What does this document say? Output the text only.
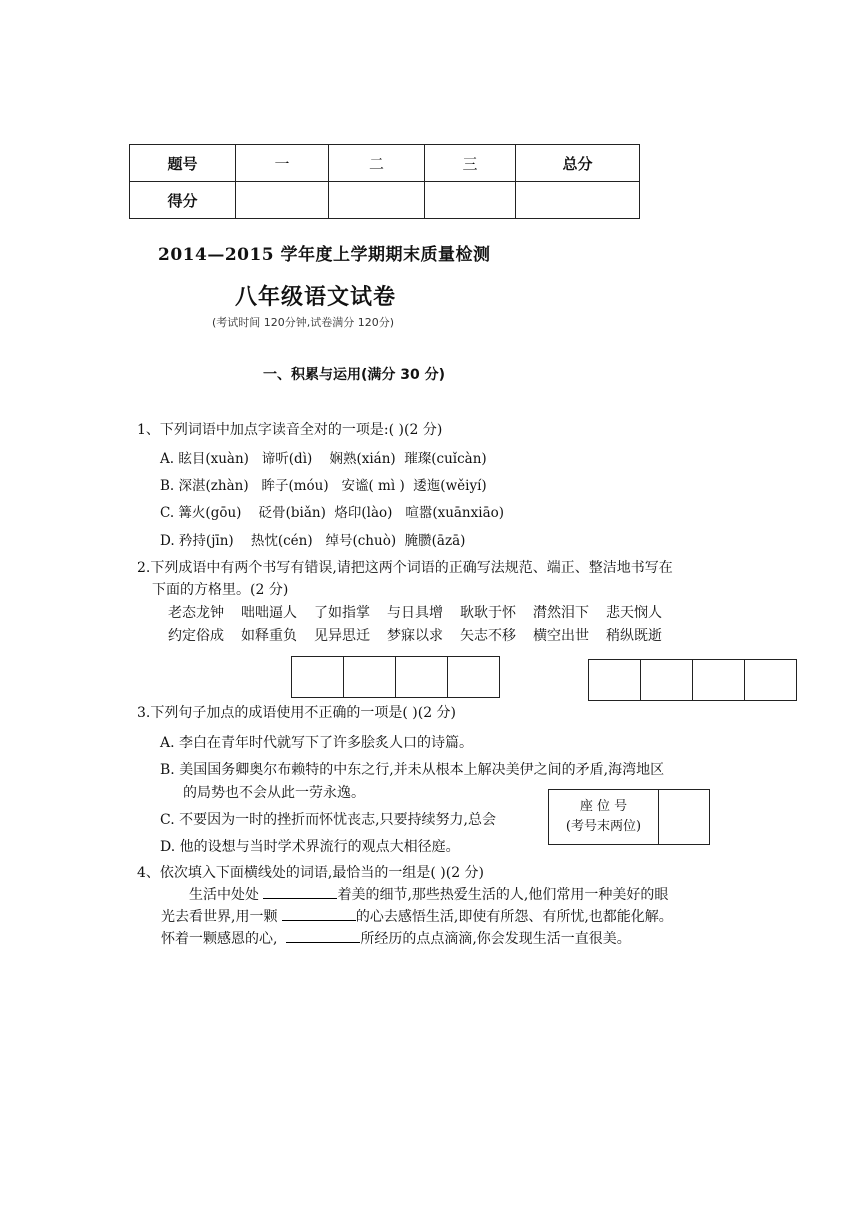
题号	一	二	三	总分
得分				
2014—2015 学年度上学期期末质量检测
八年级语文试卷
(考试时间 120分钟,试卷满分 120分)
一、积累与运用(满分 30 分)
1、下列词语中加点字读音全对的一项是:( )(2 分)
A. 眩目(xuàn)   谛听(dì)    娴熟(xián)  璀璨(cuǐcàn)
B. 深湛(zhàn)   眸子(móu)   安谧( mì )  逶迤(wěiyí)
C. 篝火(gōu)    砭骨(biǎn)  烙印(lào)   喧嚣(xuānxiāo)
D. 矜持(jīn)    热忱(cén)   绰号(chuò)  腌臜(āzā)
2.下列成语中有两个书写有错误,请把这两个词语的正确写法规范、端正、整洁地书写在
下面的方格里。(2 分)
老态龙钟 咄咄逼人 了如指掌 与日具增 耿耿于怀 潸然泪下 悲天悯人
约定俗成 如释重负 见异思迁 梦寐以求 矢志不移 横空出世 稍纵既逝
3.下列句子加点的成语使用不正确的一项是( )(2 分)
A. 李白在青年时代就写下了许多脍炙人口的诗篇。
B. 美国国务卿奥尔布赖特的中东之行,并未从根本上解决美伊之间的矛盾,海湾地区
的局势也不会从此一劳永逸。
C. 不要因为一时的挫折而怀忧丧志,只要持续努力,总会
D. 他的设想与当时学术界流行的观点大相径庭。
座 位 号
(考号末两位)
4、依次填入下面横线处的词语,最恰当的一组是( )(2 分)
生活中处处	着美的细节,那些热爱生活的人,他们常用一种美好的眼
光去看世界,用一颗	的心去感悟生活,即使有所怨、有所忧,也都能化解。
怀着一颗感恩的心,	所经历的点点滴滴,你会发现生活一直很美。
